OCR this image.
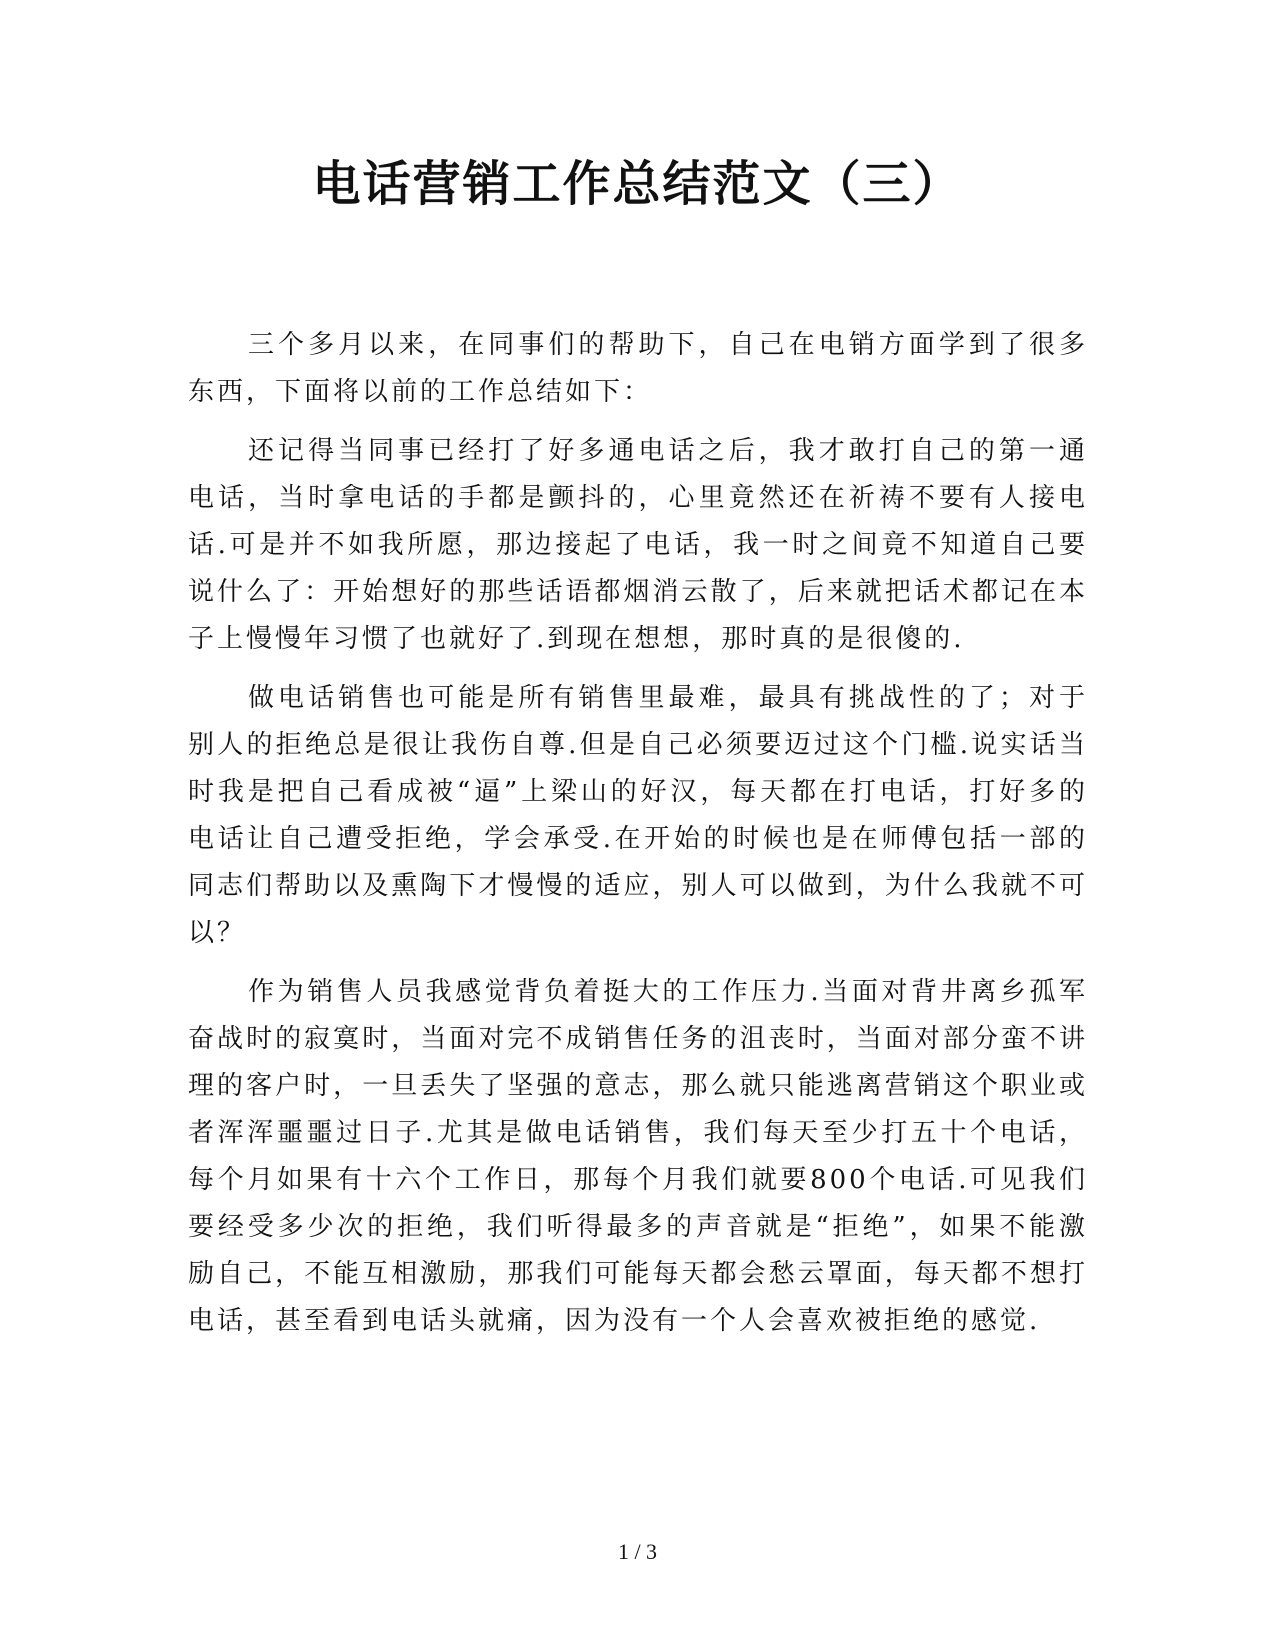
电话营销工作总结范文（三）

三个多月以来，在同事们的帮助下，自己在电销方面学到了很多东西，下面将以前的工作总结如下：

还记得当同事已经打了好多通电话之后，我才敢打自己的第一通电话，当时拿电话的手都是颤抖的，心里竟然还在祈祷不要有人接电话.可是并不如我所愿，那边接起了电话，我一时之间竟不知道自己要说什么了：开始想好的那些话语都烟消云散了，后来就把话术都记在本子上慢慢年习惯了也就好了.到现在想想，那时真的是很傻的.

做电话销售也可能是所有销售里最难，最具有挑战性的了；对于别人的拒绝总是很让我伤自尊.但是自己必须要迈过这个门槛.说实话当时我是把自己看成被“逼”上梁山的好汉，每天都在打电话，打好多的电话让自己遭受拒绝，学会承受.在开始的时候也是在师傅包括一部的同志们帮助以及熏陶下才慢慢的适应，别人可以做到，为什么我就不可以？

作为销售人员我感觉背负着挺大的工作压力.当面对背井离乡孤军奋战时的寂寞时，当面对完不成销售任务的沮丧时，当面对部分蛮不讲理的客户时，一旦丢失了坚强的意志，那么就只能逃离营销这个职业或者浑浑噩噩过日子.尤其是做电话销售，我们每天至少打五十个电话，每个月如果有十六个工作日，那每个月我们就要800个电话.可见我们要经受多少次的拒绝，我们听得最多的声音就是“拒绝”，如果不能激励自己，不能互相激励，那我们可能每天都会愁云罩面，每天都不想打电话，甚至看到电话头就痛，因为没有一个人会喜欢被拒绝的感觉.

1 / 3
